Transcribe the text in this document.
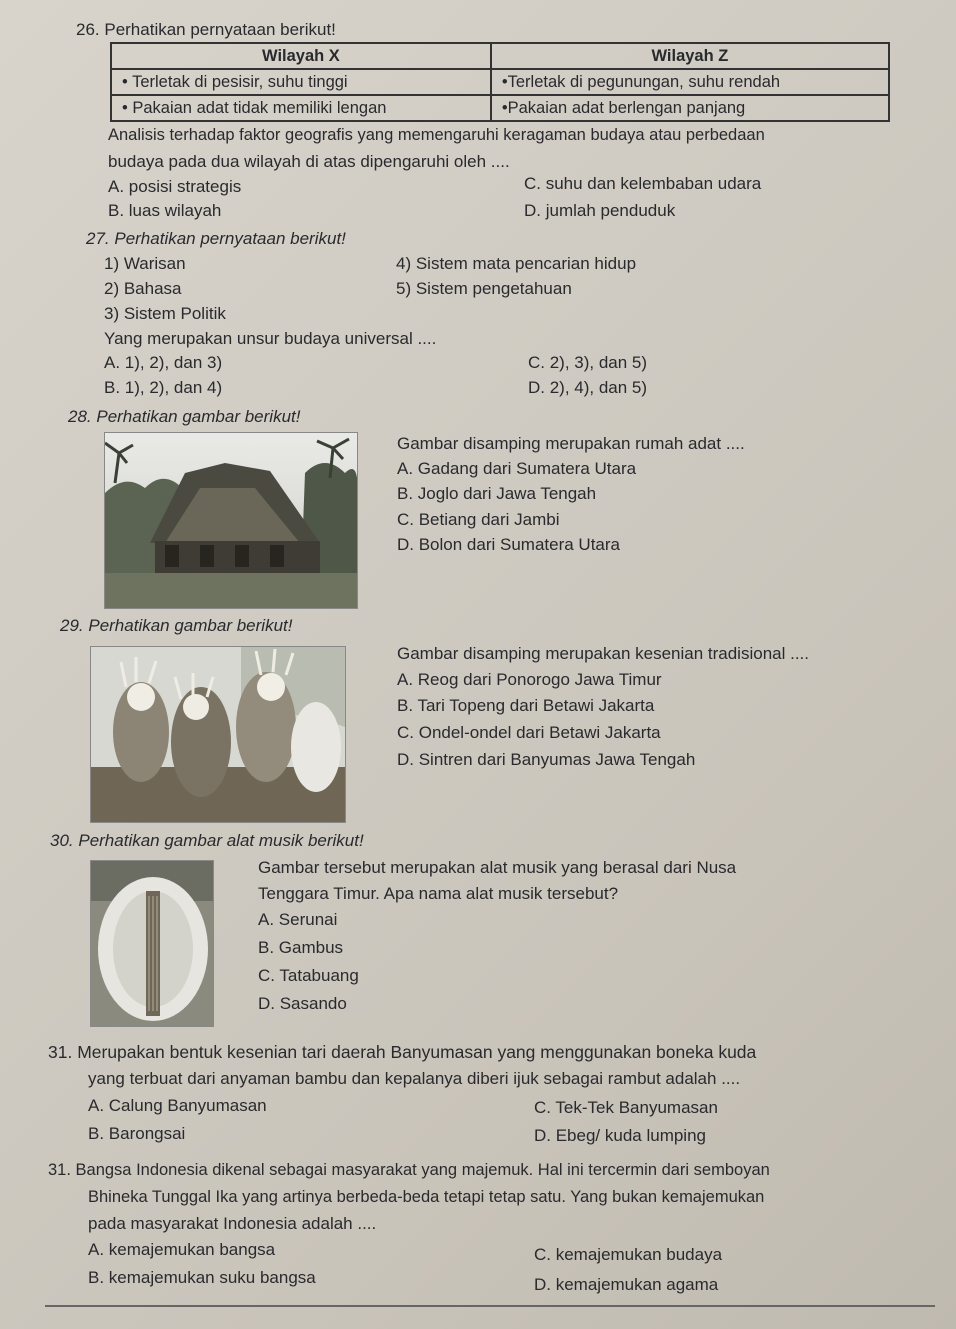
26. Perhatikan pernyataan berikut!
Wilayah X	Wilayah Z
• Terletak di pesisir, suhu tinggi	•Terletak di pegunungan, suhu rendah
• Pakaian adat tidak memiliki lengan	•Pakaian adat berlengan panjang
Analisis terhadap faktor geografis yang memengaruhi keragaman budaya atau perbedaan
budaya pada dua wilayah di atas dipengaruhi oleh ....
A. posisi strategis	C. suhu dan kelembaban udara
B. luas wilayah	D. jumlah penduduk
27. Perhatikan pernyataan berikut!
1) Warisan	4) Sistem mata pencarian hidup
2) Bahasa	5) Sistem pengetahuan
3) Sistem Politik
Yang merupakan unsur budaya universal ....
A. 1), 2), dan 3)	C. 2), 3), dan 5)
B. 1), 2), dan 4)	D. 2), 4), dan 5)
28. Perhatikan gambar berikut!
Gambar disamping merupakan rumah adat ....
A. Gadang dari Sumatera Utara
B. Joglo dari Jawa Tengah
C. Betiang dari Jambi
D. Bolon dari Sumatera Utara
29. Perhatikan gambar berikut!
Gambar disamping merupakan kesenian tradisional ....
A. Reog dari Ponorogo Jawa Timur
B. Tari Topeng dari Betawi Jakarta
C. Ondel-ondel dari Betawi Jakarta
D. Sintren dari Banyumas Jawa Tengah
30. Perhatikan gambar alat musik berikut!
Gambar tersebut merupakan alat musik yang berasal dari Nusa
Tenggara Timur. Apa nama alat musik tersebut?
A. Serunai
B. Gambus
C. Tatabuang
D. Sasando
31. Merupakan bentuk kesenian tari daerah Banyumasan yang menggunakan boneka kuda
yang terbuat dari anyaman bambu dan kepalanya diberi ijuk sebagai rambut adalah ....
A. Calung Banyumasan	C. Tek-Tek Banyumasan
B. Barongsai	D. Ebeg/ kuda lumping
31. Bangsa Indonesia dikenal sebagai masyarakat yang majemuk. Hal ini tercermin dari semboyan
Bhineka Tunggal Ika yang artinya berbeda-beda tetapi tetap satu. Yang bukan kemajemukan
pada masyarakat Indonesia adalah ....
A. kemajemukan bangsa	C. kemajemukan budaya
B. kemajemukan suku bangsa	D. kemajemukan agama
